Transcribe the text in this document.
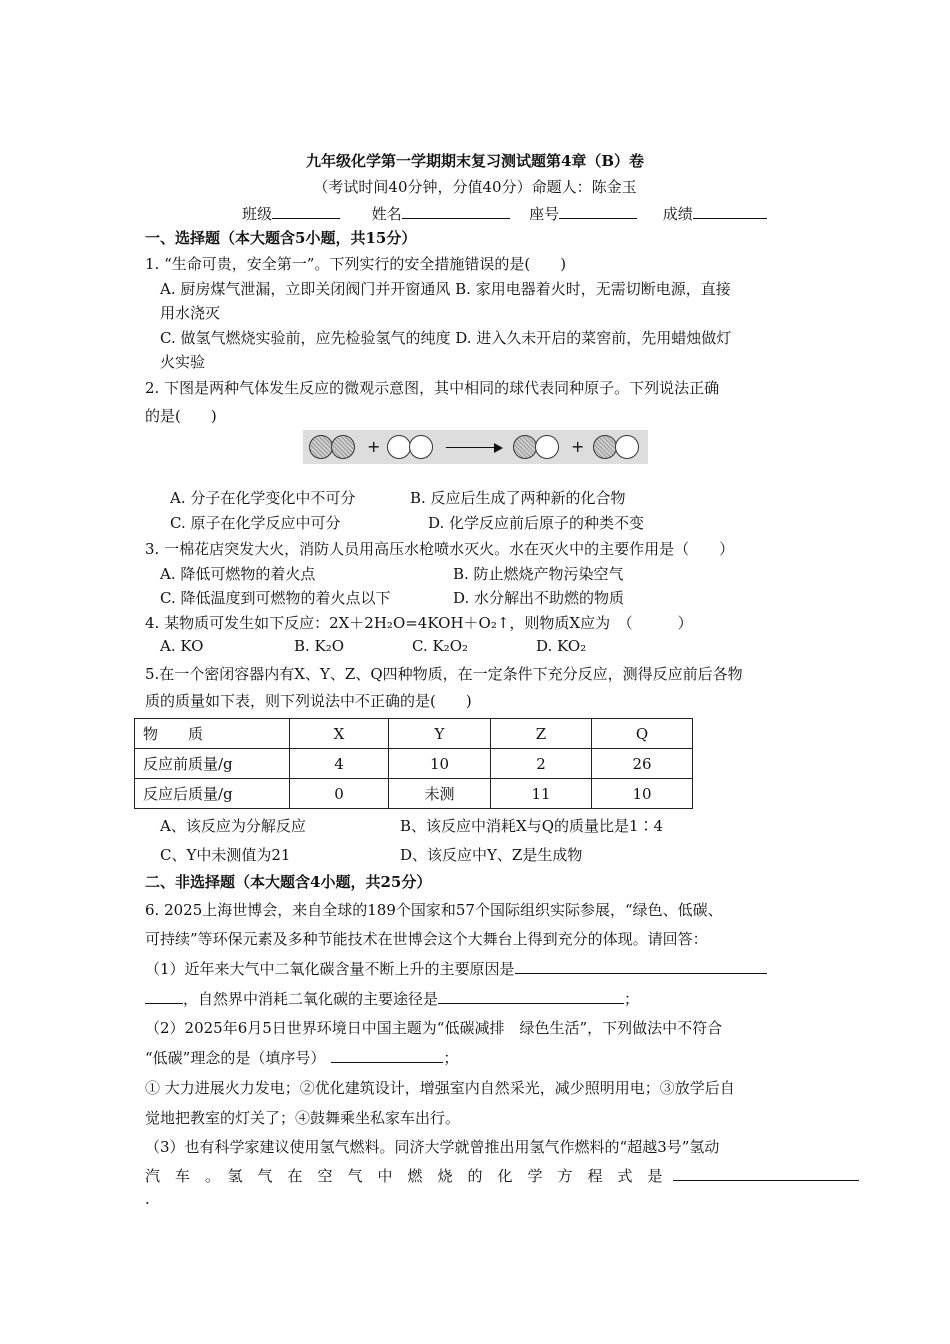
九年级化学第一学期期末复习测试题第4章（B）卷
（考试时间40分钟，分值40分）命题人：陈金玉
班级	姓名	座号	成绩
一、选择题（本大题含5小题，共15分）
1. “生命可贵，安全第一”。下列实行的安全措施错误的是(　　)
A. 厨房煤气泄漏，立即关闭阀门并开窗通风 B. 家用电器着火时，无需切断电源，直接
用水浇灭
C. 做氢气燃烧实验前，应先检验氢气的纯度 D. 进入久未开启的菜窖前，先用蜡烛做灯
火实验
2. 下图是两种气体发生反应的微观示意图，其中相同的球代表同种原子。下列说法正确
的是(　　)
+	+
A. 分子在化学变化中不可分	B. 反应后生成了两种新的化合物
C. 原子在化学反应中可分	D. 化学反应前后原子的种类不变
3. 一棉花店突发大火，消防人员用高压水枪喷水灭火。水在灭火中的主要作用是（　　）
A. 降低可燃物的着火点	B. 防止燃烧产物污染空气
C. 降低温度到可燃物的着火点以下	D. 水分解出不助燃的物质
4. 某物质可发生如下反应：2X＋2H₂O=4KOH＋O₂↑，则物质X应为　（　　　）
A. KO	B. K₂O	C. K₂O₂	D. KO₂
5.在一个密闭容器内有X、Y、Z、Q四种物质，在一定条件下充分反应，测得反应前后各物
质的质量如下表，则下列说法中不正确的是(　　)
物　　质	X	Y	Z	Q
反应前质量/g	4	10	2	26
反应后质量/g	0	未测	11	10
A、该反应为分解反应	B、该反应中消耗X与Q的质量比是1∶4
C、Y中未测值为21	D、该反应中Y、Z是生成物
二、非选择题（本大题含4小题，共25分）
6. 2025上海世博会，来自全球的189个国家和57个国际组织实际参展，“绿色、低碳、
可持续”等环保元素及多种节能技术在世博会这个大舞台上得到充分的体现。请回答：
（1）近年来大气中二氧化碳含量不断上升的主要原因是
，自然界中消耗二氧化碳的主要途径是	；
（2）2025年6月5日世界环境日中国主题为“低碳减排　绿色生活”，下列做法中不符合
“低碳”理念的是（填序号）	；
① 大力进展火力发电；②优化建筑设计，增强室内自然采光，减少照明用电；③放学后自
觉地把教室的灯关了；④鼓舞乘坐私家车出行。
（3）也有科学家建议使用氢气燃料。同济大学就曾推出用氢气作燃料的“超越3号”氢动
汽　车　。　氢　气　在　空　气　中　燃　烧　的　化　学　方　程　式　是
.
